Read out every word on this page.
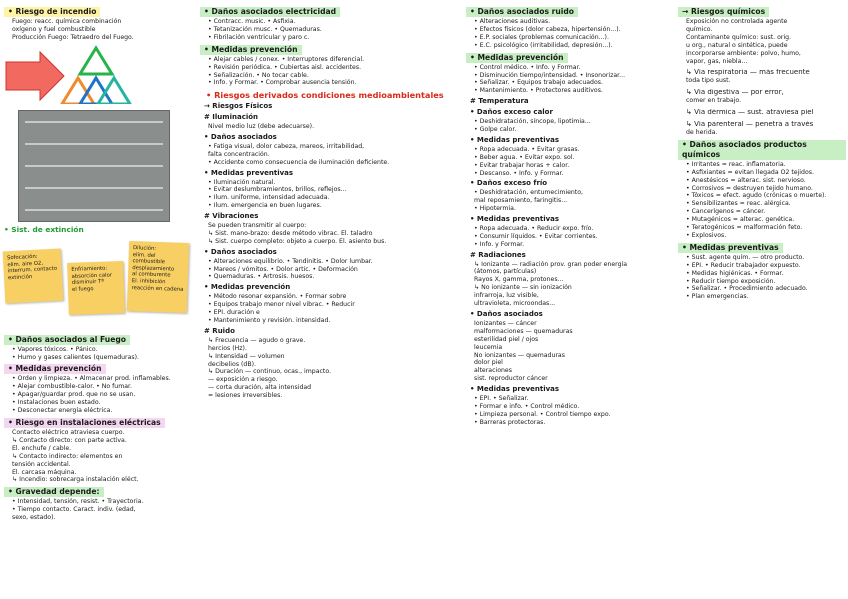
• Riesgo de incendio
Fuego: reacc. química combinación
oxígeno y fuel combustible
Producción Fuego: Tetraedro del Fuego.
• Sist. de extinción
Sofocación:
elim. aire O2,
interrum. contacto
extinción
Enfriamiento:
absorción calor
disminuir Tª
el fuego
Dilución:
elim. del combustible
desplazamiento
al comburente
El. inhibición
reacción en cadena
• Daños asociados al Fuego
• Vapores tóxicos. • Pánico.
• Humo y gases calientes (quemaduras).
• Medidas prevención
• Orden y limpieza. • Almacenar prod. inflamables.
• Alejar combustible-calor. • No fumar.
• Apagar/guardar prod. que no se usan.
• Instalaciones buen estado.
• Desconectar energía eléctrica.
• Riesgo en instalaciones eléctricas
Contacto eléctrico atraviesa cuerpo.
↳ Contacto directo: con parte activa.
El. enchufe / cable.
↳ Contacto indirecto: elementos en
tensión accidental.
El. carcasa máquina.
↳ Incendio: sobrecarga instalación eléct.
• Gravedad depende:
• Intensidad, tensión, resist. • Trayectoria.
• Tiempo contacto. Caract. indiv. (edad,
sexo, estado).
• Daños asociados electricidad
• Contracc. music. • Asfixia.
• Tetanización musc. • Quemaduras.
• Fibrilación ventricular y paro c.
• Medidas prevención
• Alejar cables / conex. • Interruptores diferencial.
• Revisión periódica. • Cubiertas aisl. accidentes.
• Señalización. • No tocar cable.
• Info. y Formar. • Comprobar ausencia tensión.
• Riesgos derivados condiciones medioambientales
→ Riesgos Físicos
# Iluminación
Nivel medio luz (debe adecuarse).
• Daños asociados
• Fatiga visual, dolor cabeza, mareos, irritabilidad,
falta concentración.
• Accidente como consecuencia de iluminación deficiente.
• Medidas preventivas
• Iluminación natural.
• Evitar deslumbramientos, brillos, reflejos...
• Ilum. uniforme, intensidad adecuada.
• Ilum. emergencia en buen lugares.
# Vibraciones
Se pueden transmitir al cuerpo:
↳ Sist. mano-brazo: desde método vibrac. El. taladro
↳ Sist. cuerpo completo: objeto a cuerpo. El. asiento bus.
• Daños asociados
• Alteraciones equilibrio. • Tendinitis. • Dolor lumbar.
• Mareos / vómitos. • Dolor artic. • Deformación
• Quemaduras. • Artrosis. huesos.
• Medidas prevención
• Método resonar expansión. • Formar sobre
• Equipos trabajo menor nivel vibrac. • Reducir
• EPI. duración e
• Mantenimiento y revisión. intensidad.
# Ruido
↳ Frecuencia — agudo o grave.
hercios (Hz).
↳ Intensidad — volumen
decibelios (dB).
↳ Duración — continuo, ocas., impacto.
— exposición a riesgo.
— corta duración, alta intensidad
= lesiones irreversibles.
• Daños asociados ruido
• Alteraciones auditivas.
• Efectos físicos (dolor cabeza, hipertensión...).
• E.P. sociales (problemas comunicación...).
• E.C. psicológico (irritabilidad, depresión...).
• Medidas prevención
• Control médico. • Info. y Formar.
• Disminución tiempo/intensidad. • Insonorizar...
• Señalizar. • Equipos trabajo adecuados.
• Mantenimiento. • Protectores auditivos.
# Temperatura
• Daños exceso calor
• Deshidratación, síncope, lipotimia...
• Golpe calor.
• Medidas preventivas
• Ropa adecuada. • Evitar grasas.
• Beber agua. • Evitar expo. sol.
• Evitar trabajar horas + calor.
• Descanso. • Info. y Formar.
• Daños exceso frío
• Deshidratación, entumecimiento,
mal reposamiento, faringitis...
• Hipotermia.
• Medidas preventivas
• Ropa adecuada. • Reducir expo. frío.
• Consumir líquidos. • Evitar corrientes.
• Info. y Formar.
# Radiaciones
↳ Ionizante — radiación prov. gran poder energía
(átomos, partículas)
Rayos X, gamma, protones...
↳ No ionizante — sin ionización
infrarroja, luz visible,
ultravioleta, microondas...
• Daños asociados
Ionizantes — cáncer
malformaciones — quemaduras
esterilidad piel / ojos
leucemia
No ionizantes — quemaduras
dolor piel
alteraciones
sist. reproductor cáncer
• Medidas preventivas
• EPI. • Señalizar.
• Formar e info. • Control médico.
• Limpieza personal. • Control tiempo expo.
• Barreras protectoras.
→ Riesgos químicos
Exposición no controlada agente
químico.
Contaminante químico: sust. orig.
u org., natural o sintética, puede
incorporarse ambiente: polvo, humo,
vapor, gas, niebla...
↳ Vía respiratoria — más frecuente
toda tipo sust.
↳ Vía digestiva — por error,
comer en trabajo.
↳ Vía dérmica — sust. atraviesa piel
↳ Vía parenteral — penetra a través
de herida.
• Daños asociados productos químicos
• Irritantes = reac. inflamatoria.
• Asfixiantes = evitan llegada O2 tejidos.
• Anestésicos = alterac. sist. nervioso.
• Corrosivos = destruyen tejido humano.
• Tóxicos = efect. agudo (crónicas o muerte).
• Sensibilizantes = reac. alérgica.
• Cancerígenos = cáncer.
• Mutagénicos = alterac. genética.
• Teratogénicos = malformación feto.
• Explosivos.
• Medidas preventivas
• Sust. agente quím. — otro producto.
• EPI. • Reducir trabajador expuesto.
• Medidas higiénicas. • Formar.
• Reducir tiempo exposición.
• Señalizar. • Procedimiento adecuado.
• Plan emergencias.
